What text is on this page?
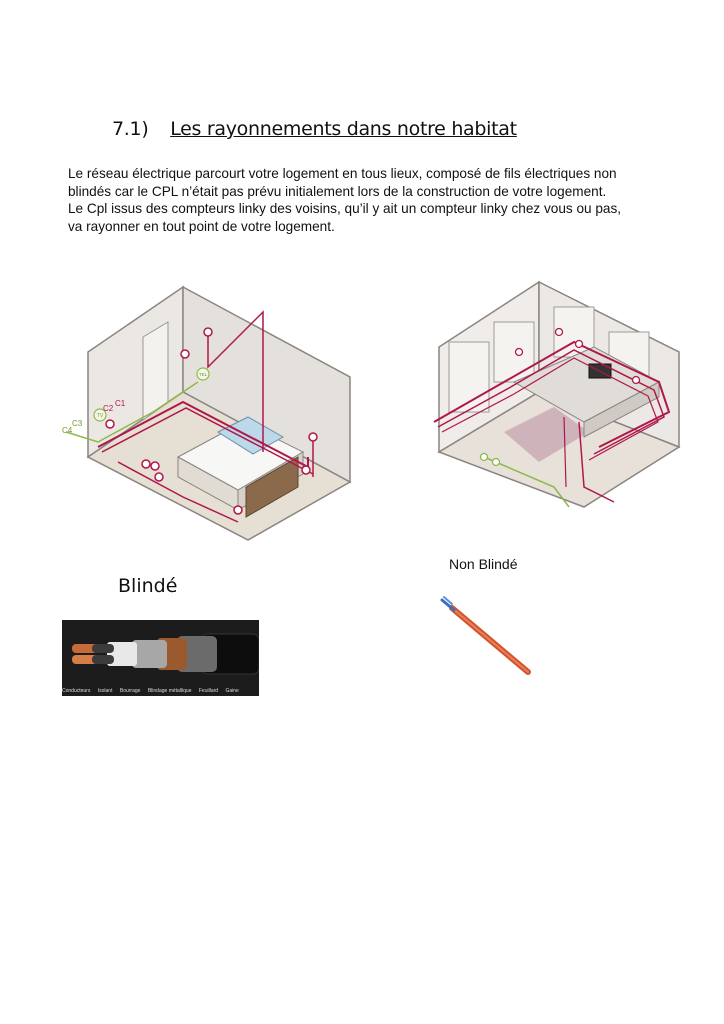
7.1) Les rayonnements dans notre habitat
Le réseau électrique parcourt votre logement en tous lieux, composé de fils électriques non
blindés car le CPL n’était pas prévu initialement lors de la construction de votre logement.
Le Cpl issus des compteurs linky des voisins, qu’il y ait un compteur linky chez vous ou pas,
va rayonner en tout point de votre logement.
TV
TEL
C1
C2
C3
C4
Non Blindé
Blindé
Conducteurs Isolant Bourrage Blindage métallique Feuillard Gaine
